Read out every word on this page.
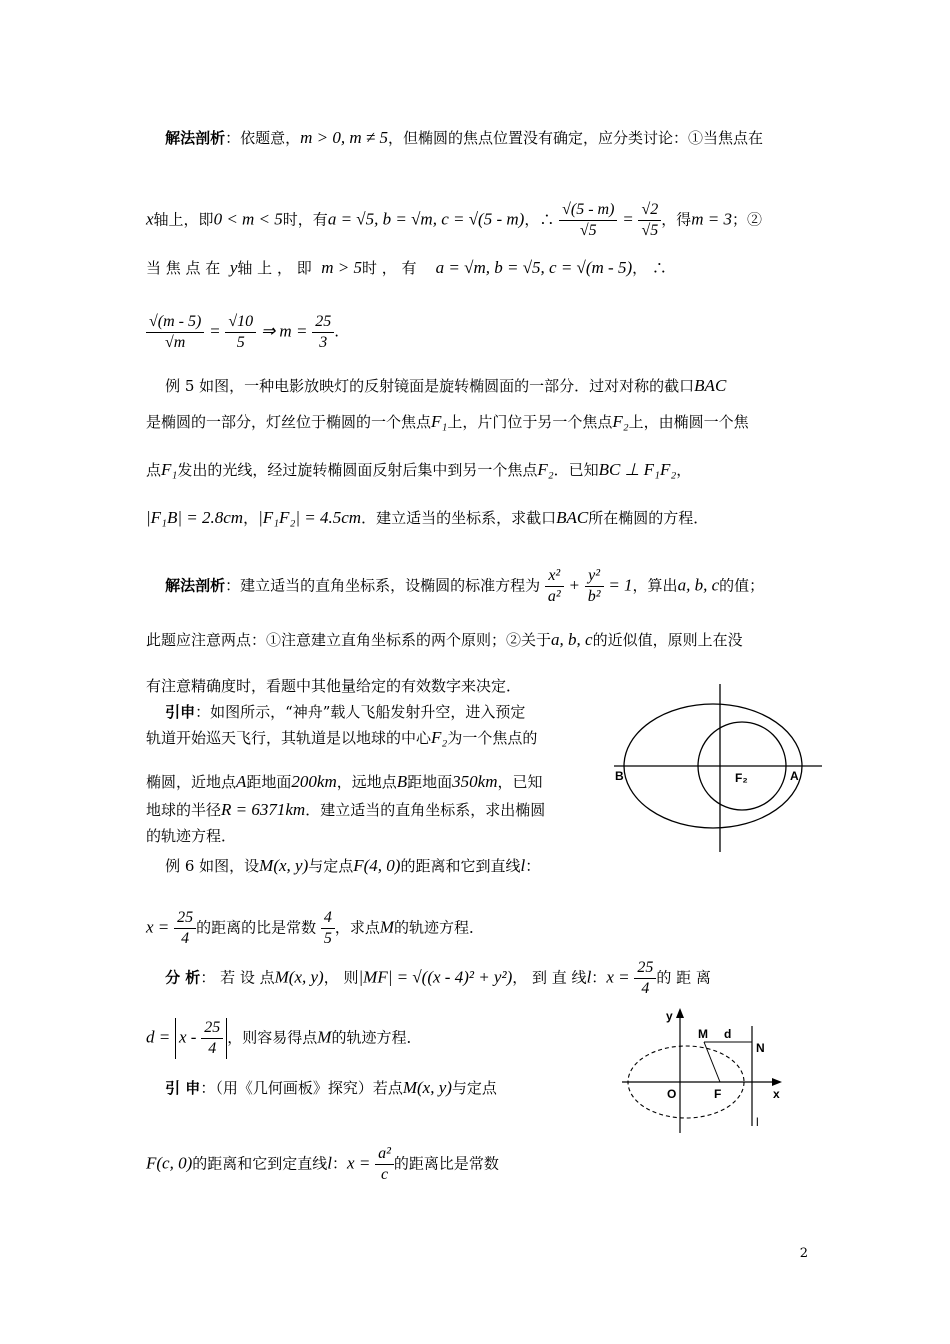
解法剖析：依题意，m > 0, m ≠ 5，但椭圆的焦点位置没有确定，应分类讨论：①当焦点在
x轴上，即0 < m < 5时，有a = √5, b = √m, c = √(5 - m)，∴ $\frac{√(5 - m)}{√5} = \frac{√2}{√5}$ ，得m = 3；②
当 焦 点 在 y轴 上 ， 即 m > 5时 ， 有 a = √m, b = √5, c = √(m - 5)， ∴
$\frac{√(m - 5)}{√m} = \frac{√10}{5}$ ⇒ $m = \frac{25}{3}$ .
例 5 如图，一种电影放映灯的反射镜面是旋转椭圆面的一部分．过对对称的截口BAC
是椭圆的一部分，灯丝位于椭圆的一个焦点F₁上，片门位于另一个焦点F₂上，由椭圆一个焦
点F₁发出的光线，经过旋转椭圆面反射后集中到另一个焦点F₂．已知BC ⊥ F₁F₂，
|F₁B| = 2.8cm，|F₁F₂| = 4.5cm．建立适当的坐标系，求截口BAC所在椭圆的方程．
解法剖析：建立适当的直角坐标系，设椭圆的标准方程为 $\frac{\text{x²}}{\text{a²}} + \frac{\text{y²}}{\text{b²}} = 1$，算出a, b, c的值；
此题应注意两点：①注意建立直角坐标系的两个原则；②关于a, b, c的近似值，原则上在没
有注意精确度时，看题中其他量给定的有效数字来决定．
引申：如图所示，“神舟”载人飞船发射升空，进入预定
轨道开始巡天飞行，其轨道是以地球的中心F₂为一个焦点的
椭圆，近地点A距地面200km，远地点B距地面350km，已知
地球的半径R = 6371km．建立适当的直角坐标系，求出椭圆
的轨迹方程．
B	A
F₂
例 6 如图，设M(x, y)与定点F(4, 0)的距离和它到直线l：
$x = \frac{25}{4}$ 的距离的比是常数 $\frac{4}{5}$ ，求点M的轨迹方程．
分 析： 若 设 点M(x, y)， 则|MF| = √((x - 4)² + y²)， 到 直 线l：$x = \frac{25}{4}$ 的 距 离
$d = x - \frac{25}{4}$ ，则容易得点M的轨迹方程．
引 申：（用《几何画板》探究）若点M(x, y)与定点
F(c, 0)的距离和它到定直线l：$x = \frac{\text{a²}}{c}$ 的距离比是常数
y
x
O	F
M d
N
l
2
